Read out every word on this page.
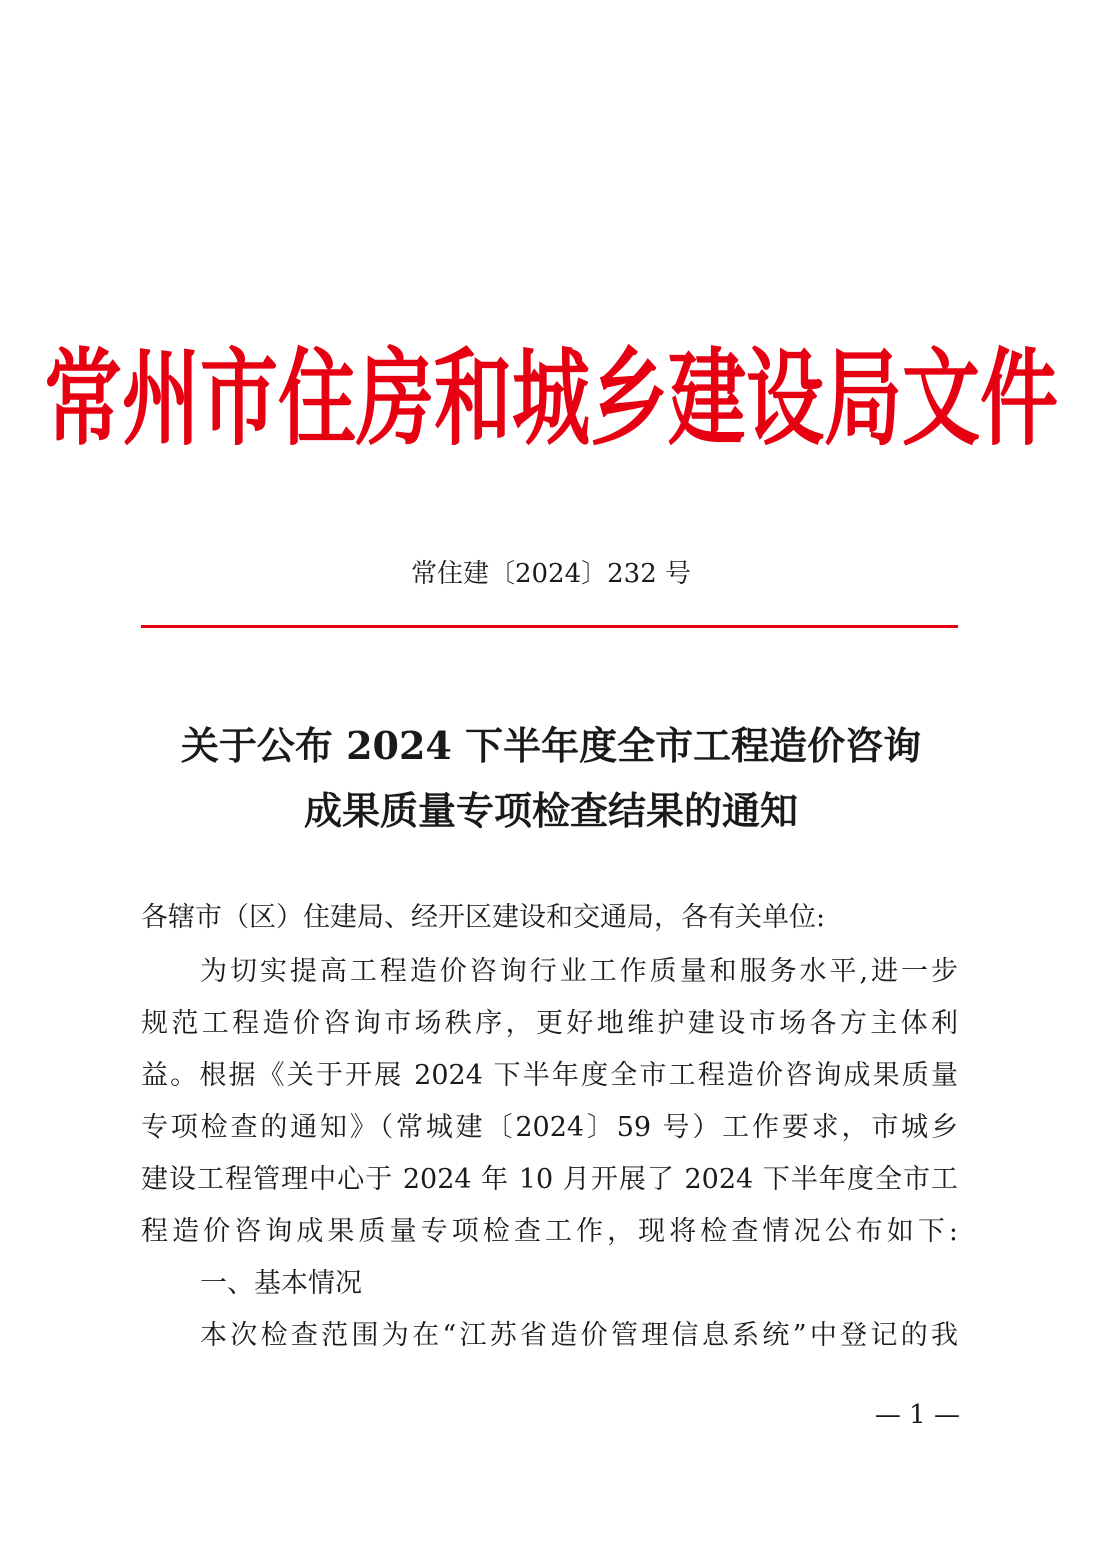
常州市住房和城乡建设局文件
常住建〔2024〕232 号
关于公布 2024 下半年度全市工程造价咨询
成果质量专项检查结果的通知
各辖市（区）住建局、经开区建设和交通局，各有关单位:
为切实提高工程造价咨询行业工作质量和服务水平,进一步
规范工程造价咨询市场秩序，更好地维护建设市场各方主体利
益。根据《关于开展 2024 下半年度全市工程造价咨询成果质量
专项检查的通知》（常城建〔2024〕59 号）工作要求，市城乡
建设工程管理中心于 2024 年 10 月开展了 2024 下半年度全市工
程造价咨询成果质量专项检查工作，现将检查情况公布如下:
一、基本情况
本次检查范围为在“江苏省造价管理信息系统”中登记的我
— 1 —
